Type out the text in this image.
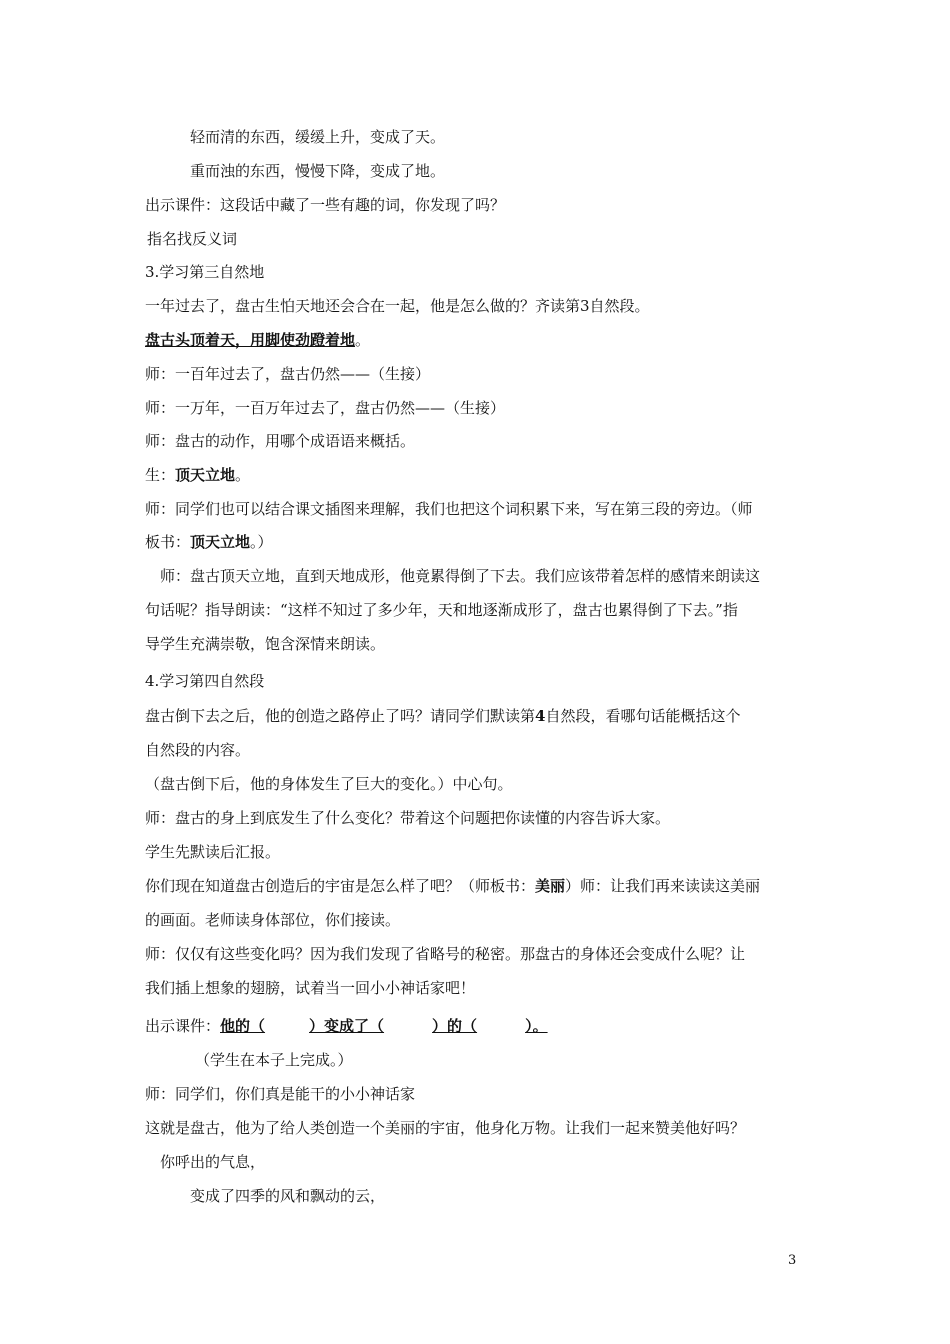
轻而清的东西，缓缓上升，变成了天。
重而浊的东西，慢慢下降，变成了地。
出示课件：这段话中藏了一些有趣的词，你发现了吗？
指名找反义词
3.学习第三自然地
一年过去了，盘古生怕天地还会合在一起，他是怎么做的？齐读第3自然段。
盘古头顶着天，用脚使劲蹬着地。
师：一百年过去了，盘古仍然——（生接）
师：一万年，一百万年过去了，盘古仍然——（生接）
师：盘古的动作，用哪个成语语来概括。
生：顶天立地。
师：同学们也可以结合课文插图来理解，我们也把这个词积累下来，写在第三段的旁边。（师
板书：顶天立地。）
师：盘古顶天立地，直到天地成形，他竟累得倒了下去。我们应该带着怎样的感情来朗读这
句话呢？指导朗读：“这样不知过了多少年，天和地逐渐成形了，盘古也累得倒了下去。”指
导学生充满崇敬，饱含深情来朗读。
4.学习第四自然段
盘古倒下去之后，他的创造之路停止了吗？请同学们默读第4自然段，看哪句话能概括这个
自然段的内容。
（盘古倒下后，他的身体发生了巨大的变化。）中心句。
师：盘古的身上到底发生了什么变化？带着这个问题把你读懂的内容告诉大家。
学生先默读后汇报。
你们现在知道盘古创造后的宇宙是怎么样了吧？（师板书：美丽）师：让我们再来读读这美丽
的画面。老师读身体部位，你们接读。
师：仅仅有这些变化吗？因为我们发现了省略号的秘密。那盘古的身体还会变成什么呢？让
我们插上想象的翅膀，试着当一回小小神话家吧！
出示课件：他的（	）变成了（	）的（	）。
（学生在本子上完成。）
师：同学们，你们真是能干的小小神话家
这就是盘古，他为了给人类创造一个美丽的宇宙，他身化万物。让我们一起来赞美他好吗？
你呼出的气息，
变成了四季的风和飘动的云，
3
